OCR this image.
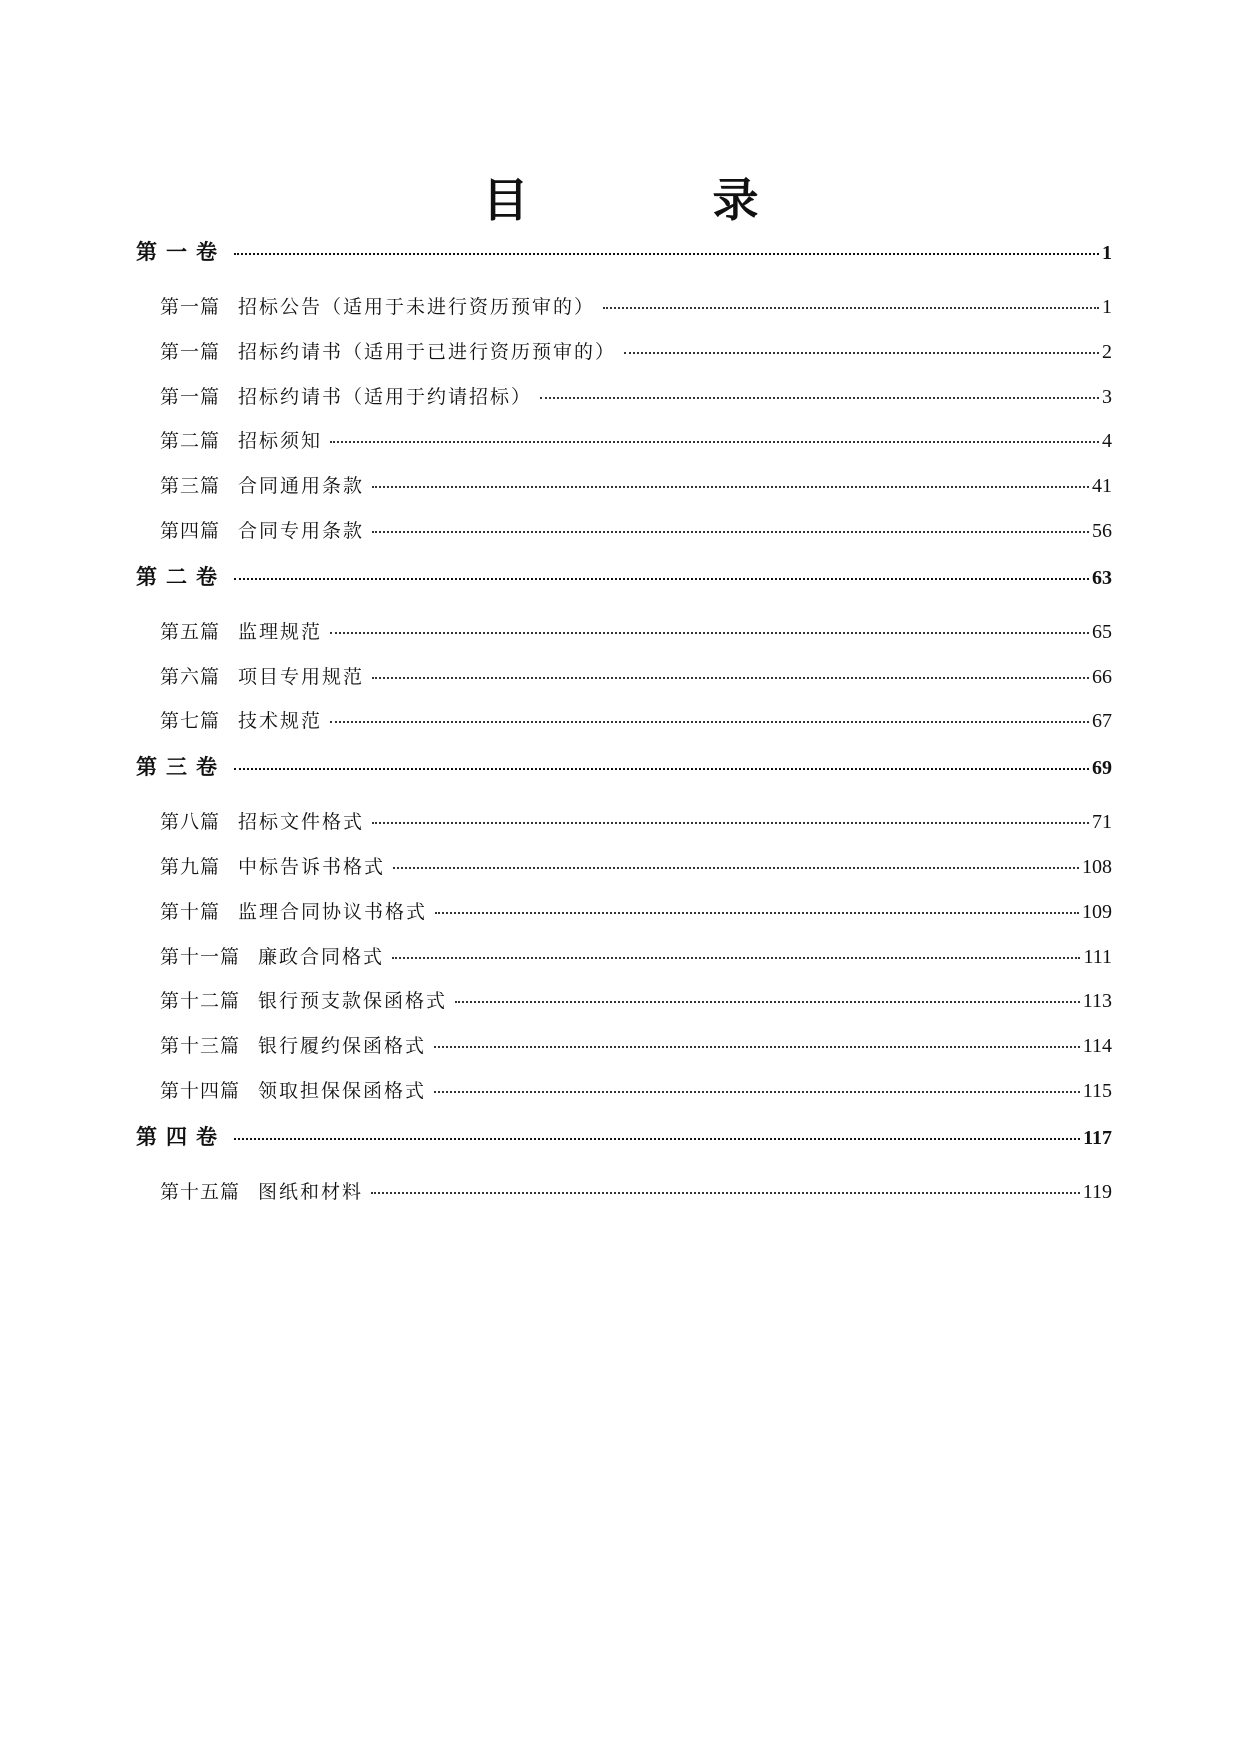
目 录
第一卷	1
第一篇 招标公告（适用于未进行资历预审的）	1
第一篇 招标约请书（适用于已进行资历预审的）	2
第一篇 招标约请书（适用于约请招标）	3
第二篇 招标须知	4
第三篇 合同通用条款	41
第四篇 合同专用条款	56
第二卷	63
第五篇 监理规范	65
第六篇 项目专用规范	66
第七篇 技术规范	67
第三卷	69
第八篇 招标文件格式	71
第九篇 中标告诉书格式	108
第十篇 监理合同协议书格式	109
第十一篇 廉政合同格式	111
第十二篇 银行预支款保函格式	113
第十三篇 银行履约保函格式	114
第十四篇 领取担保保函格式	115
第四卷	117
第十五篇 图纸和材料	119
